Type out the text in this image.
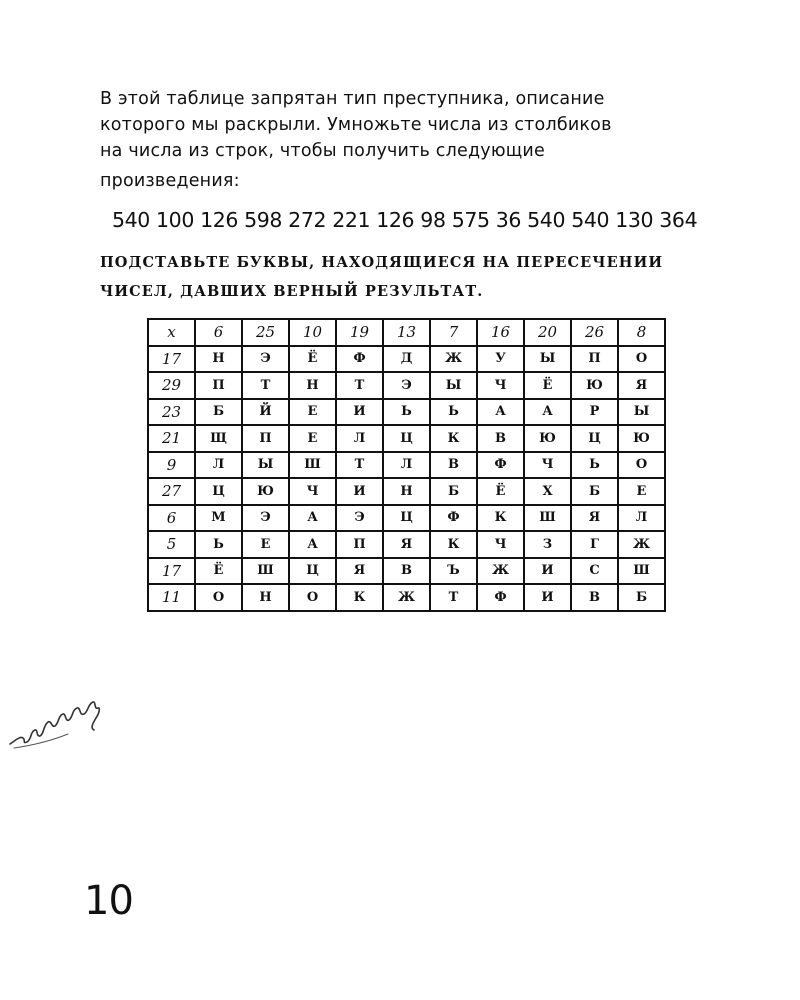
В этой таблице запрятан тип преступника, описание
которого мы раскрыли. Умножьте числа из столбиков
на числа из строк, чтобы получить следующие
произведения:
540 100 126 598 272 221 126 98 575 36 540 540 130 364
ПОДСТАВЬТЕ БУКВЫ, НАХОДЯЩИЕСЯ НА ПЕРЕСЕЧЕНИИ
ЧИСЕЛ, ДАВШИХ ВЕРНЫЙ РЕЗУЛЬТАТ.
x	6	25	10	19	13	7	16	20	26	8
17	Н	Э	Ё	Ф	Д	Ж	У	Ы	П	О
29	П	Т	Н	Т	Э	Ы	Ч	Ё	Ю	Я
23	Б	Й	Е	И	Ь	Ь	А	А	Р	Ы
21	Щ	П	Е	Л	Ц	К	В	Ю	Ц	Ю
9	Л	Ы	Ш	Т	Л	В	Ф	Ч	Ь	О
27	Ц	Ю	Ч	И	Н	Б	Ё	Х	Б	Е
6	М	Э	А	Э	Ц	Ф	К	Ш	Я	Л
5	Ь	Е	А	П	Я	К	Ч	З	Г	Ж
17	Ё	Ш	Ц	Я	В	Ъ	Ж	И	С	Ш
11	О	Н	О	К	Ж	Т	Ф	И	В	Б
10
